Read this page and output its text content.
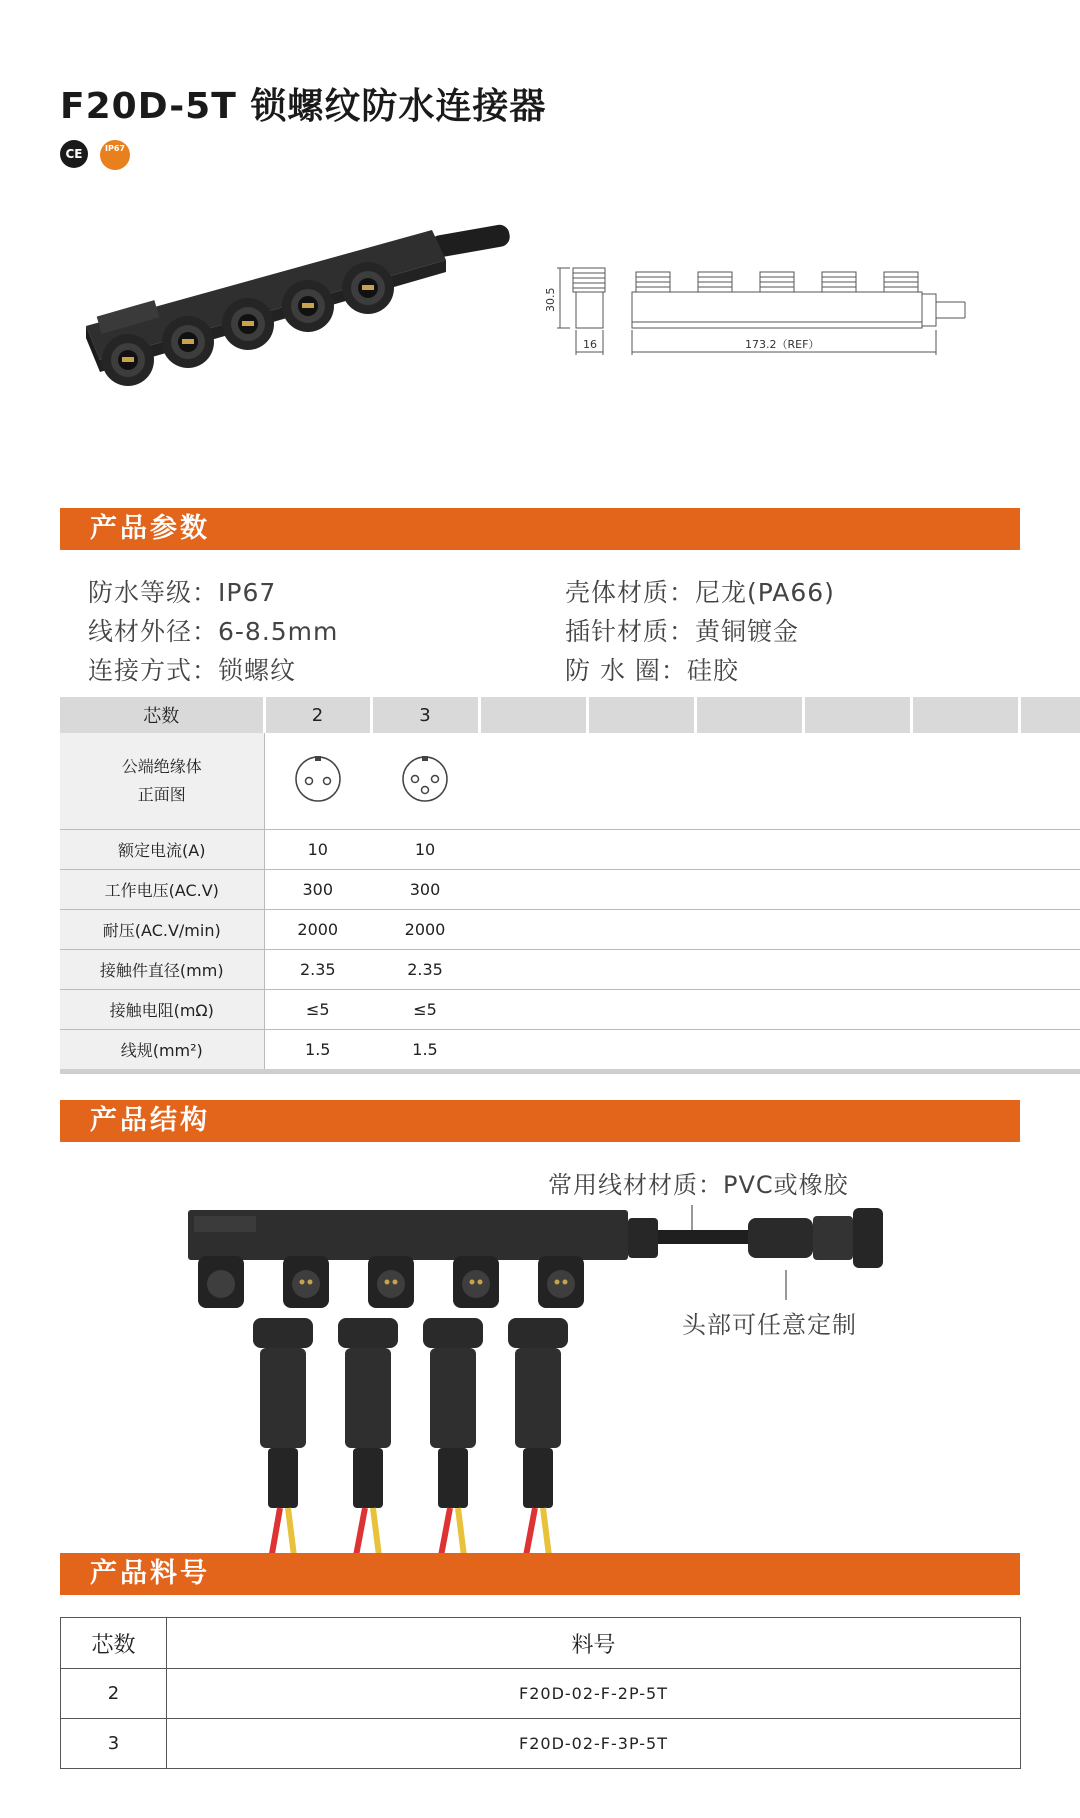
F20D-5T 锁螺纹防水连接器
CE	IP67
30.5
16	173.2（REF）
产品参数
防水等级：IP67
线材外径：6-8.5mm
连接方式：锁螺纹
壳体材质：尼龙(PA66)
插针材质：黄铜镀金
防 水 圈：硅胶
芯数	2	3						
公端绝缘体
正面图			
额定电流(A)	10	10						
工作电压(AC.V)	300	300						
耐压(AC.V/min)	2000	2000						
接触件直径(mm)	2.35	2.35						
接触电阻(mΩ)	≤5	≤5						
线规(mm²)	1.5	1.5						
产品结构
常用线材材质：PVC或橡胶
头部可任意定制
产品料号
芯数	料号
2	F20D-02-F-2P-5T
3	F20D-02-F-3P-5T
